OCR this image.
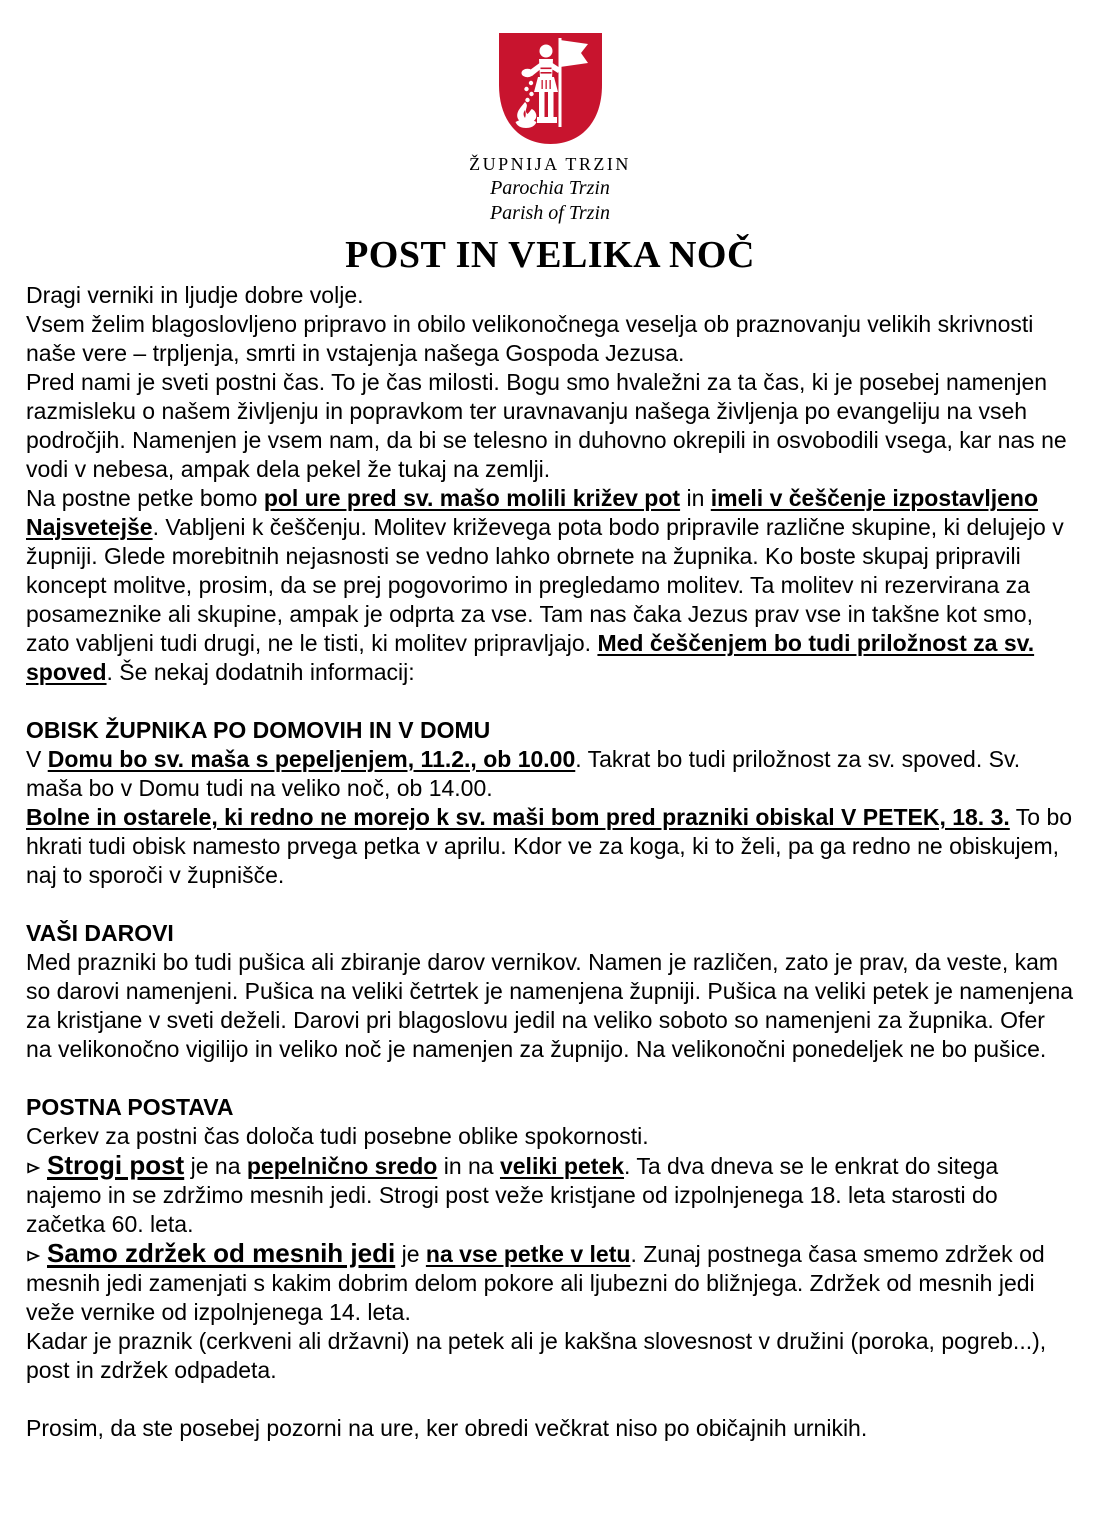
ŽUPNIJA TRZIN
Parochia Trzin
Parish of Trzin
POST IN VELIKA NOČ

Dragi verniki in ljudje dobre volje.

Vsem želim blagoslovljeno pripravo in obilo velikonočnega veselja ob praznovanju velikih skrivnosti naše vere – trpljenja, smrti in vstajenja našega Gospoda Jezusa.

Pred nami je sveti postni čas. To je čas milosti. Bogu smo hvaležni za ta čas, ki je posebej namenjen razmisleku o našem življenju in popravkom ter uravnavanju našega življenja po evangeliju na vseh področjih. Namenjen je vsem nam, da bi se telesno in duhovno okrepili in osvobodili vsega, kar nas ne vodi v nebesa, ampak dela pekel že tukaj na zemlji.

Na postne petke bomo pol ure pred sv. mašo molili križev pot in imeli v češčenje izpostavljeno Najsvetejše. Vabljeni k češčenju. Molitev križevega pota bodo pripravile različne skupine, ki delujejo v župniji. Glede morebitnih nejasnosti se vedno lahko obrnete na župnika. Ko boste skupaj pripravili koncept molitve, prosim, da se prej pogovorimo in pregledamo molitev. Ta molitev ni rezervirana za posameznike ali skupine, ampak je odprta za vse. Tam nas čaka Jezus prav vse in takšne kot smo, zato vabljeni tudi drugi, ne le tisti, ki molitev pripravljajo. Med češčenjem bo tudi priložnost za sv. spoved. Še nekaj dodatnih informacij:

OBISK ŽUPNIKA PO DOMOVIH IN V DOMU

V Domu bo sv. maša s pepeljenjem, 11.2., ob 10.00. Takrat bo tudi priložnost za sv. spoved. Sv. maša bo v Domu tudi na veliko noč, ob 14.00.

Bolne in ostarele, ki redno ne morejo k sv. maši bom pred prazniki obiskal V PETEK, 18. 3. To bo hkrati tudi obisk namesto prvega petka v aprilu. Kdor ve za koga, ki to želi, pa ga redno ne obiskujem, naj to sporoči v župnišče.

VAŠI DAROVI

Med prazniki bo tudi pušica ali zbiranje darov vernikov. Namen je različen, zato je prav, da veste, kam so darovi namenjeni. Pušica na veliki četrtek je namenjena župniji. Pušica na veliki petek je namenjena za kristjane v sveti deželi. Darovi pri blagoslovu jedil na veliko soboto so namenjeni za župnika. Ofer na velikonočno vigilijo in veliko noč je namenjen za župnijo. Na velikonočni ponedeljek ne bo pušice.

POSTNA POSTAVA

Cerkev za postni čas določa tudi posebne oblike spokornosti.

Strogi post je na pepelnično sredo in na veliki petek. Ta dva dneva se le enkrat do sitega najemo in se zdržimo mesnih jedi. Strogi post veže kristjane od izpolnjenega 18. leta starosti do začetka 60. leta.

Samo zdržek od mesnih jedi je na vse petke v letu. Zunaj postnega časa smemo zdržek od mesnih jedi zamenjati s kakim dobrim delom pokore ali ljubezni do bližnjega. Zdržek od mesnih jedi veže vernike od izpolnjenega 14. leta.

Kadar je praznik (cerkveni ali državni) na petek ali je kakšna slovesnost v družini (poroka, pogreb...), post in zdržek odpadeta.

Prosim, da ste posebej pozorni na ure, ker obredi večkrat niso po običajnih urnikih.
